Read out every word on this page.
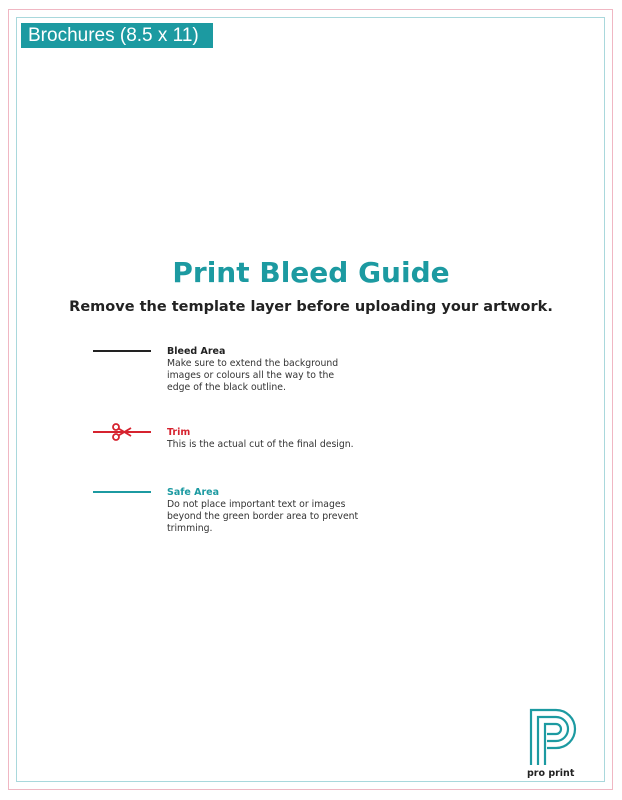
Brochures (8.5 x 11)
Print Bleed Guide
Remove the template layer before uploading your artwork.
Bleed Area
Make sure to extend the background
images or colours all the way to the
edge of the black outline.
Trim
This is the actual cut of the final design.
Safe Area
Do not place important text or images
beyond the green border area to prevent
trimming.
pro print
